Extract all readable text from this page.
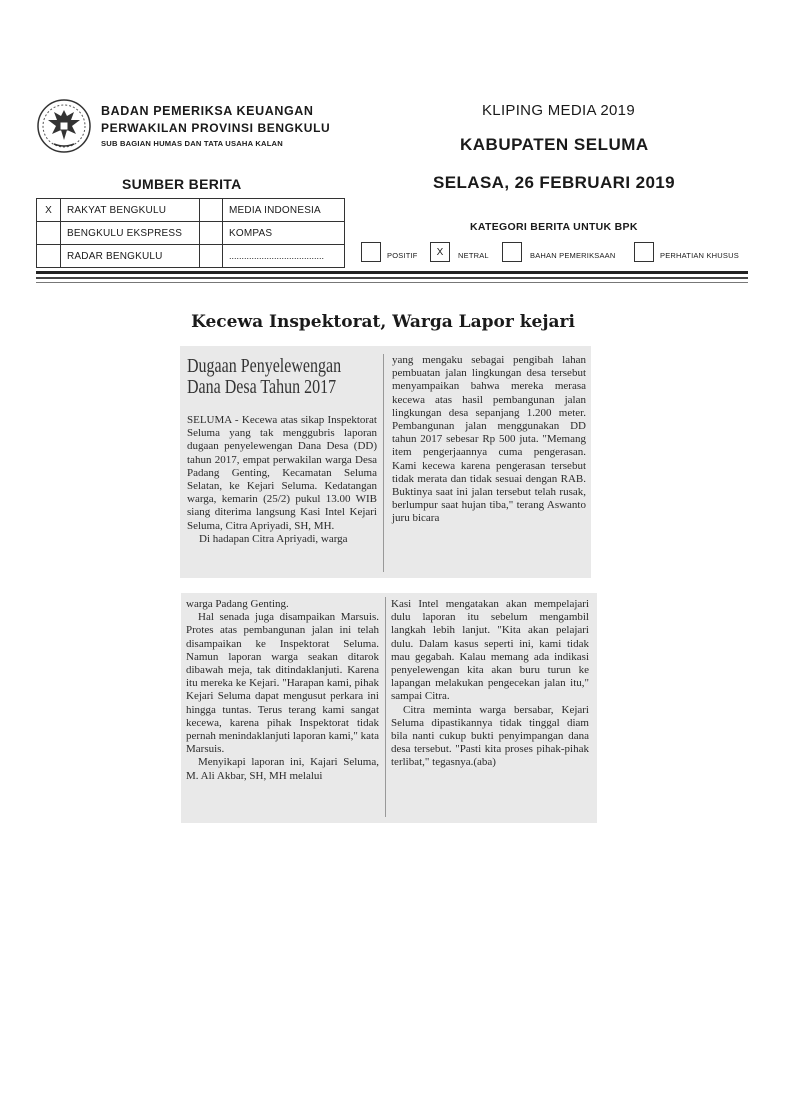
BADAN PEMERIKSA KEUANGAN
PERWAKILAN PROVINSI BENGKULU
SUB BAGIAN HUMAS DAN TATA USAHA KALAN
KLIPING MEDIA 2019
KABUPATEN SELUMA
SELASA, 26 FEBRUARI 2019
SUMBER BERITA
X	RAKYAT BENGKULU		MEDIA INDONESIA
	BENGKULU EKSPRESS		KOMPAS
	RADAR BENGKULU		......................................
KATEGORI BERITA UNTUK BPK
POSITIF	X	NETRAL	BAHAN PEMERIKSAAN	PERHATIAN KHUSUS
Kecewa Inspektorat, Warga Lapor kejari
Dugaan Penyelewengan
Dana Desa Tahun 2017

SELUMA - Kecewa atas sikap Inspektorat Seluma yang tak menggubris laporan dugaan penyelewengan Dana Desa (DD) tahun 2017, empat perwakilan warga Desa Padang Genting, Kecamatan Seluma Selatan, ke Kejari Seluma. Kedatangan warga, kemarin (25/2) pukul 13.00 WIB siang diterima langsung Kasi Intel Kejari Seluma, Citra Apriyadi, SH, MH.

Di hadapan Citra Apriyadi, warga

yang mengaku sebagai pengibah lahan pembuatan jalan lingkungan desa tersebut menyampaikan bahwa mereka merasa kecewa atas hasil pembangunan jalan lingkungan desa sepanjang 1.200 meter. Pembangunan jalan menggunakan DD tahun 2017 sebesar Rp 500 juta. "Memang item pengerjaannya cuma pengerasan. Kami kecewa karena pengerasan tersebut tidak merata dan tidak sesuai dengan RAB. Buktinya saat ini jalan tersebut telah rusak, berlumpur saat hujan tiba," terang Aswanto juru bicara

warga Padang Genting.

Hal senada juga disampaikan Marsuis. Protes atas pembangunan jalan ini telah disampaikan ke Inspektorat Seluma. Namun laporan warga seakan ditarok dibawah meja, tak ditindaklanjuti. Karena itu mereka ke Kejari. "Harapan kami, pihak Kejari Seluma dapat mengusut perkara ini hingga tuntas. Terus terang kami sangat kecewa, karena pihak Inspektorat tidak pernah menindaklanjuti laporan kami," kata Marsuis.

Menyikapi laporan ini, Kajari Seluma, M. Ali Akbar, SH, MH melalui

Kasi Intel mengatakan akan mempelajari dulu laporan itu sebelum mengambil langkah lebih lanjut. "Kita akan pelajari dulu. Dalam kasus seperti ini, kami tidak mau gegabah. Kalau memang ada indikasi penyelewengan kita akan buru turun ke lapangan melakukan pengecekan jalan itu," sampai Citra.

Citra meminta warga bersabar, Kejari Seluma dipastikannya tidak tinggal diam bila nanti cukup bukti penyimpangan dana desa tersebut. "Pasti kita proses pihak-pihak terlibat," tegasnya.(aba)
